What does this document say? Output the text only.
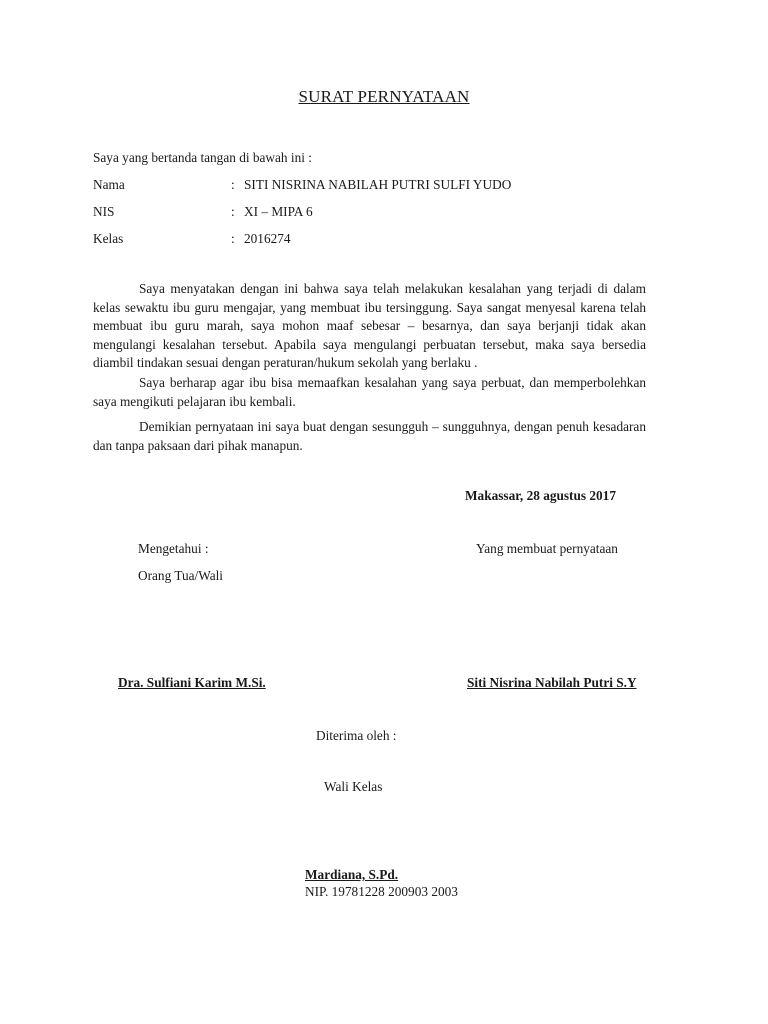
SURAT PERNYATAAN
Saya yang bertanda tangan di bawah ini :
Nama	: SITI NISRINA NABILAH PUTRI SULFI YUDO
NIS	: XI – MIPA 6
Kelas	: 2016274

Saya menyatakan dengan ini bahwa saya telah melakukan kesalahan yang terjadi di dalam kelas sewaktu ibu guru mengajar, yang membuat ibu tersinggung. Saya sangat menyesal karena telah membuat ibu guru marah, saya mohon maaf sebesar – besarnya, dan saya berjanji tidak akan mengulangi kesalahan tersebut. Apabila saya mengulangi perbuatan tersebut, maka saya bersedia diambil tindakan sesuai dengan peraturan/hukum sekolah yang berlaku .

Saya berharap agar ibu bisa memaafkan kesalahan yang saya perbuat, dan memperbolehkan saya mengikuti pelajaran ibu kembali.

Demikian pernyataan ini saya buat dengan sesungguh – sungguhnya, dengan penuh kesadaran dan tanpa paksaan dari pihak manapun.

Makassar, 28 agustus 2017
Mengetahui :
Orang Tua/Wali
Dra. Sulfiani Karim M.Si.
Yang membuat pernyataan
Siti Nisrina Nabilah Putri S.Y
Diterima oleh :
Wali Kelas
Mardiana, S.Pd.
NIP. 19781228 200903 2003
